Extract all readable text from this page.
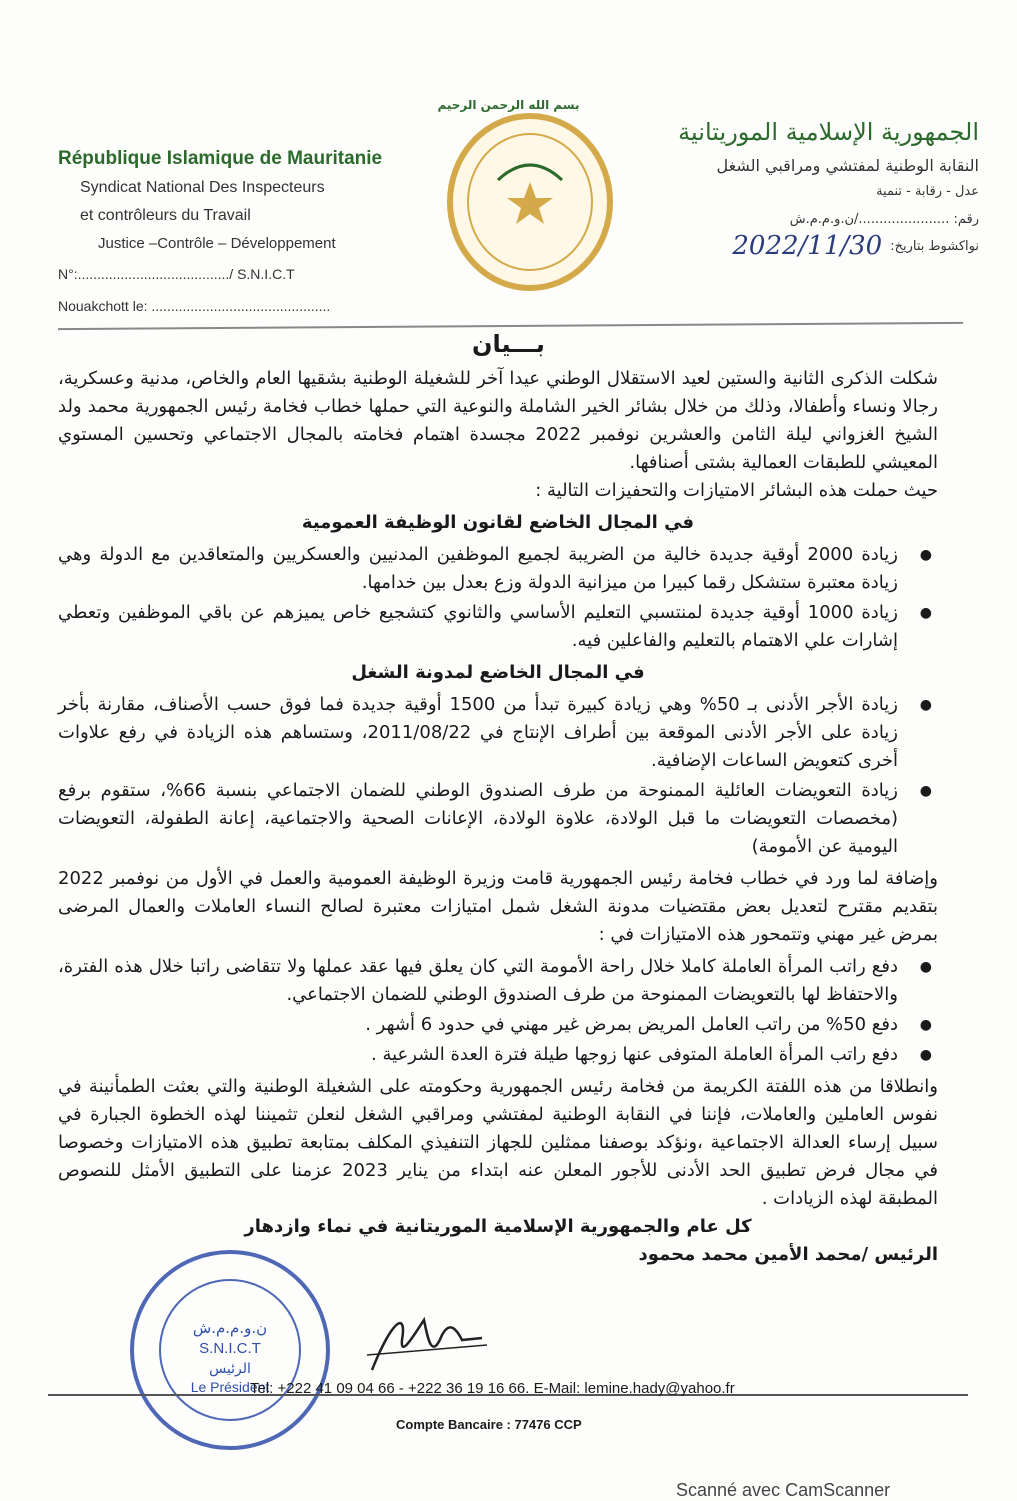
بسم الله الرحمن الرحيم
République Islamique de Mauritanie
Syndicat National Des Inspecteurs
et contrôleurs du Travail
Justice –Contrôle – Développement
N°:......................................./ S.N.I.C.T
Nouakchott le: ..............................................
الجمهورية الإسلامية الموريتانية
النقابة الوطنية لمفتشي ومراقبي الشغل
عدل - رقابة - تنمية
رقم: ....................../ن.و.م.م.ش
نواكشوط بتاريخ:
2022/11/30
بـــيان

شكلت الذكرى الثانية والستين لعيد الاستقلال الوطني عيدا آخر للشغيلة الوطنية بشقيها العام والخاص، مدنية وعسكرية، رجالا ونساء وأطفالا، وذلك من خلال بشائر الخير الشاملة والنوعية التي حملها خطاب فخامة رئيس الجمهورية محمد ولد الشيخ الغزواني ليلة الثامن والعشرين نوفمبر 2022 مجسدة اهتمام فخامته بالمجال الاجتماعي وتحسين المستوي المعيشي للطبقات العمالية بشتى أصنافها.

حيث حملت هذه البشائر الامتيازات والتحفيزات التالية :

في المجال الخاضع لقانون الوظيفة العمومية
● زيادة 2000 أوقية جديدة خالية من الضريبة لجميع الموظفين المدنيين والعسكريين والمتعاقدين مع الدولة وهي زيادة معتبرة ستشكل رقما كبيرا من ميزانية الدولة وزع بعدل بين خدامها.
● زيادة 1000 أوقية جديدة لمنتسبي التعليم الأساسي والثانوي كتشجيع خاص يميزهم عن باقي الموظفين وتعطي إشارات علي الاهتمام بالتعليم والفاعلين فيه.
في المجال الخاضع لمدونة الشغل
● زيادة الأجر الأدنى بـ 50% وهي زيادة كبيرة تبدأ من 1500 أوقية جديدة فما فوق حسب الأصناف، مقارنة بأخر زيادة على الأجر الأدنى الموقعة بين أطراف الإنتاج في 2011/08/22، وستساهم هذه الزيادة في رفع علاوات أخرى كتعويض الساعات الإضافية.
● زيادة التعويضات العائلية الممنوحة من طرف الصندوق الوطني للضمان الاجتماعي بنسبة 66%، ستقوم برفع (مخصصات التعويضات ما قبل الولادة، علاوة الولادة، الإعانات الصحية والاجتماعية، إعانة الطفولة، التعويضات اليومية عن الأمومة)

وإضافة لما ورد في خطاب فخامة رئيس الجمهورية قامت وزيرة الوظيفة العمومية والعمل في الأول من نوفمبر 2022 بتقديم مقترح لتعديل بعض مقتضيات مدونة الشغل شمل امتيازات معتبرة لصالح النساء العاملات والعمال المرضى بمرض غير مهني وتتمحور هذه الامتيازات في :

● دفع راتب المرأة العاملة كاملا خلال راحة الأمومة التي كان يعلق فيها عقد عملها ولا تتقاضى راتبا خلال هذه الفترة، والاحتفاظ لها بالتعويضات الممنوحة من طرف الصندوق الوطني للضمان الاجتماعي.
● دفع 50% من راتب العامل المريض بمرض غير مهني في حدود 6 أشهر .
● دفع راتب المرأة العاملة المتوفى عنها زوجها طيلة فترة العدة الشرعية .

وانطلاقا من هذه اللفتة الكريمة من فخامة رئيس الجمهورية وحكومته على الشغيلة الوطنية والتي بعثت الطمأنينة في نفوس العاملين والعاملات، فإننا في النقابة الوطنية لمفتشي ومراقبي الشغل لنعلن تثميننا لهذه الخطوة الجبارة في سبيل إرساء العدالة الاجتماعية ،ونؤكد بوصفنا ممثلين للجهاز التنفيذي المكلف بمتابعة تطبيق هذه الامتيازات وخصوصا في مجال فرض تطبيق الحد الأدنى للأجور المعلن عنه ابتداء من يناير 2023 عزمنا على التطبيق الأمثل للنصوص المطبقة لهذه الزيادات .

كل عام والجمهورية الإسلامية الموريتانية في نماء وازدهار

الرئيس /محمد الأمين محمد محمود

ن.و.م.م.ش
S.N.I.C.T
الرئيس
Le Président
Tel: +222 41 09 04 66 - +222 36 19 16 66. E-Mail: lemine.hady@yahoo.fr
Compte Bancaire : 77476 CCP
Scanné avec CamScanner
